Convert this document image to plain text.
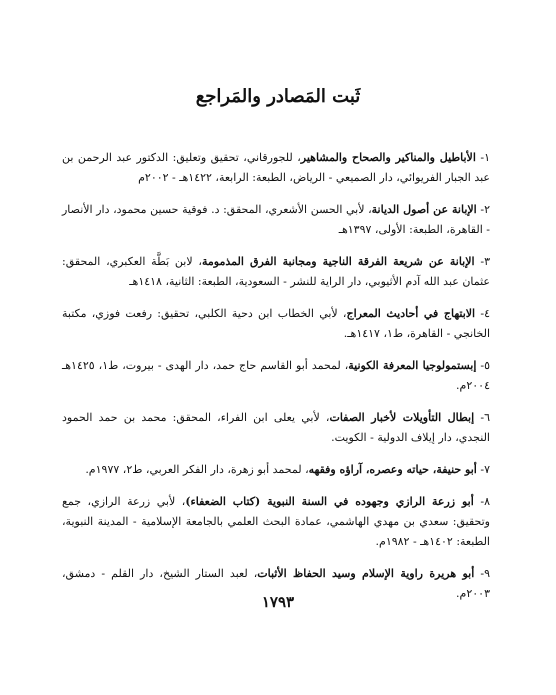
ثَبت المَصادر والمَراجع

١- الأباطيل والمناكير والصحاح والمشاهير، للجورقاني، تحقيق وتعليق: الدكتور عبد الرحمن بن عبد الجبار الفريوائي، دار الصميعي - الرياض، الطبعة: الرابعة، ١٤٢٢هـ - ٢٠٠٢م

٢- الإبانة عن أصول الديانة، لأبي الحسن الأشعري، المحقق: د. فوقية حسين محمود، دار الأنصار - القاهرة، الطبعة: الأولى، ١٣٩٧هـ

٣- الإبانة عن شريعة الفرقة الناجية ومجانبة الفرق المذمومة، لابن بَطَّة العكبري، المحقق: عثمان عبد الله آدم الأثيوبي، دار الراية للنشر - السعودية، الطبعة: الثانية، ١٤١٨هـ

٤- الابتهاج في أحاديث المعراج، لأبي الخطاب ابن دحية الكلبي، تحقيق: رفعت فوزي، مكتبة الخانجي - القاهرة، ط١، ١٤١٧هـ.

٥- إبستمولوجيا المعرفة الكونية، لمحمد أبو القاسم حاج حمد، دار الهدى - بيروت، ط١، ١٤٢٥هـ ٢٠٠٤م.

٦- إبطال التأويلات لأخبار الصفات، لأبي يعلى ابن الفراء، المحقق: محمد بن حمد الحمود النجدي، دار إيلاف الدولية - الكويت.

٧- أبو حنيفة، حياته وعصره، آراؤه وفقهه، لمحمد أبو زهرة، دار الفكر العربي، ط٢، ١٩٧٧م.

٨- أبو زرعة الرازي وجهوده في السنة النبوية (كتاب الضعفاء)، لأبي زرعة الرازي، جمع وتحقيق: سعدي بن مهدي الهاشمي، عمادة البحث العلمي بالجامعة الإسلامية - المدينة النبوية، الطبعة: ١٤٠٢هـ - ١٩٨٢م.

٩- أبو هريرة راوية الإسلام وسيد الحفاظ الأثبات، لعبد الستار الشيخ، دار القلم - دمشق، ٢٠٠٣م.

١٧٩٣
